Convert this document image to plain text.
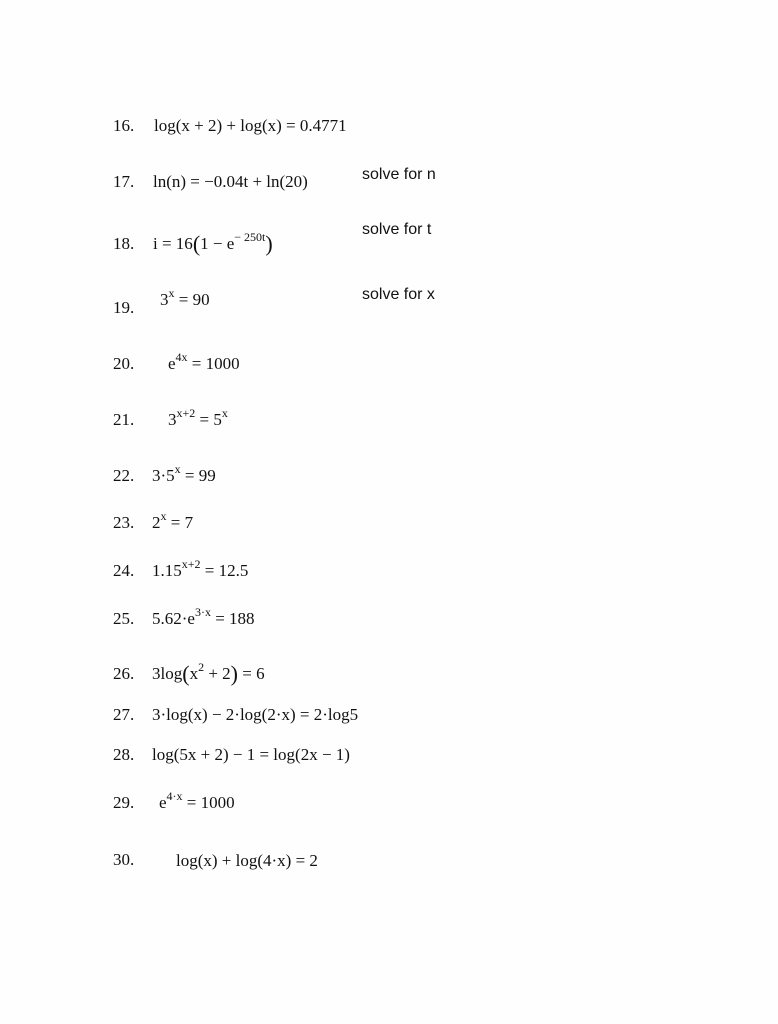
16. log(x + 2) + log(x) = 0.4771
17. ln(n) = −0.04t + ln(20)	solve for n
18. $i = 16(1 - e^{- 250t})$
solve for t
19. $3^x = 90$	solve for x
20. $e^{4x} = 1000$
21. $3^{x+2} = 5^x$
22. $3\cdot 5^x = 99$
23. $2^x = 7$
24. $1.15^{x+2} = 12.5$
25. $5.62\cdot e^{3\cdot x} = 188$
26. $3\log(x^2 + 2) = 6$
27. 3·log(x) − 2·log(2·x) = 2·log5
28. log(5x + 2) − 1 = log(2x − 1)
29. $e^{4\cdot x} = 1000$
30. log(x) + log(4·x) = 2
